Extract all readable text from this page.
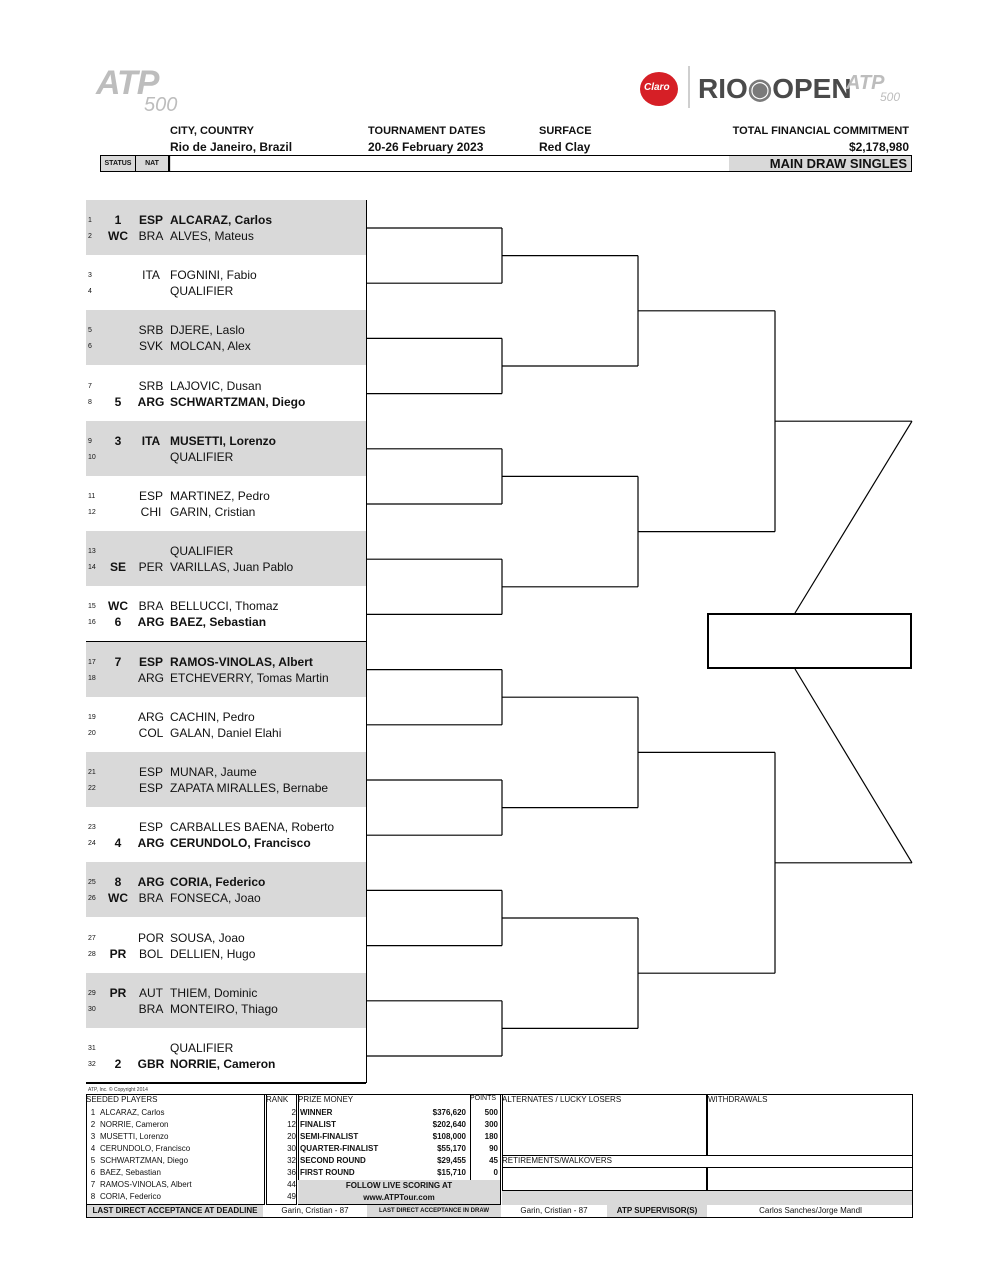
ATP
500
Claro RIO◉OPEN
ATP
500
CITY, COUNTRY
Rio de Janeiro, Brazil
TOURNAMENT DATES
20-26 February 2023
SURFACE
Red Clay
TOTAL FINANCIAL COMMITMENT
$2,178,980
STATUS	NAT	MAIN DRAW SINGLES
1	1	ESP ALCARAZ, Carlos
2	WC BRA ALVES, Mateus
3	ITA FOGNINI, Fabio
4	QUALIFIER
5	SRB DJERE, Laslo
6	SVK MOLCAN, Alex
7	SRB LAJOVIC, Dusan
8	5	ARG SCHWARTZMAN, Diego
9	3	ITA MUSETTI, Lorenzo
10	QUALIFIER
11	ESP MARTINEZ, Pedro
12	CHI GARIN, Cristian
13	QUALIFIER
14	SE	PER VARILLAS, Juan Pablo
15	WC BRA BELLUCCI, Thomaz
16	6	ARG BAEZ, Sebastian
17	7	ESP RAMOS-VINOLAS, Albert
18	ARG ETCHEVERRY, Tomas Martin
19	ARG CACHIN, Pedro
20	COL GALAN, Daniel Elahi
21	ESP MUNAR, Jaume
22	ESP ZAPATA MIRALLES, Bernabe
23	ESP CARBALLES BAENA, Roberto
24	4	ARG CERUNDOLO, Francisco
25	8	ARG CORIA, Federico
26	WC BRA FONSECA, Joao
27	POR SOUSA, Joao
28	PR	BOL DELLIEN, Hugo
29	PR	AUT THIEM, Dominic
30	BRA MONTEIRO, Thiago
31	QUALIFIER
32	2	GBR NORRIE, Cameron
ATP, Inc. © Copyright 2014
SEEDED PLAYERS	RANK
1 ALCARAZ, Carlos	2
2 NORRIE, Cameron	12
3 MUSETTI, Lorenzo	20
4 CERUNDOLO, Francisco	30
5 SCHWARTZMAN, Diego	32
6 BAEZ, Sebastian	36
7 RAMOS-VINOLAS, Albert	44
8 CORIA, Federico	49
PRIZE MONEY	POINTS
WINNER	$376,620	500
FINALIST	$202,640	300
SEMI-FINALIST	$108,000	180
QUARTER-FINALIST	$55,170	90
SECOND ROUND	$29,455	45
FIRST ROUND	$15,710	0
FOLLOW LIVE SCORING AT
www.ATPTour.com
ALTERNATES / LUCKY LOSERS	WITHDRAWALS
RETIREMENTS/WALKOVERS
LAST DIRECT ACCEPTANCE AT DEADLINE	Garin, Cristian - 87	LAST DIRECT ACCEPTANCE IN DRAW	Garin, Cristian - 87	ATP SUPERVISOR(S)	Carlos Sanches/Jorge Mandl
